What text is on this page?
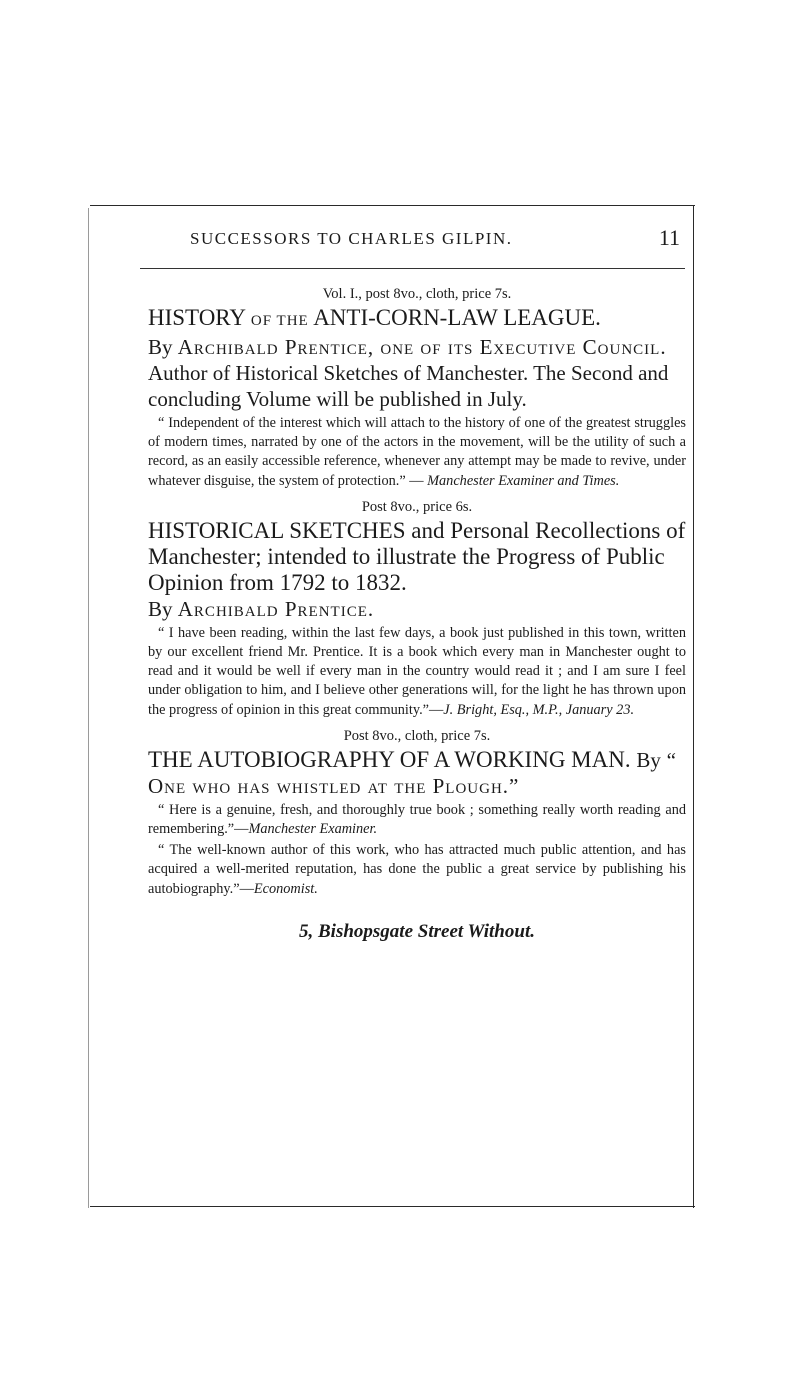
SUCCESSORS TO CHARLES GILPIN.	11
Vol. I., post 8vo., cloth, price 7s.
HISTORY OF THE ANTI-CORN-LAW LEAGUE.
By Archibald Prentice, one of its Executive Council. Author of Historical Sketches of Manchester. The Second and concluding Volume will be published in July.

“ Independent of the interest which will attach to the history of one of the greatest struggles of modern times, narrated by one of the actors in the movement, will be the utility of such a record, as an easily accessible reference, whenever any attempt may be made to revive, under whatever disguise, the system of protection.” — Manchester Examiner and Times.

Post 8vo., price 6s.
HISTORICAL SKETCHES and Personal Recollections of Manchester; intended to illustrate the Progress of Public Opinion from 1792 to 1832.
By Archibald Prentice.

“ I have been reading, within the last few days, a book just published in this town, written by our excellent friend Mr. Prentice. It is a book which every man in Manchester ought to read and it would be well if every man in the country would read it ; and I am sure I feel under obligation to him, and I believe other generations will, for the light he has thrown upon the progress of opinion in this great community.”—J. Bright, Esq., M.P., January 23.

Post 8vo., cloth, price 7s.
THE AUTOBIOGRAPHY OF A WORKING MAN. By “ One who has whistled at the Plough.”

“ Here is a genuine, fresh, and thoroughly true book ; something really worth reading and remembering.”—Manchester Examiner.

“ The well-known author of this work, who has attracted much public attention, and has acquired a well-merited reputation, has done the public a great service by publishing his autobiography.”—Economist.

5, Bishopsgate Street Without.
